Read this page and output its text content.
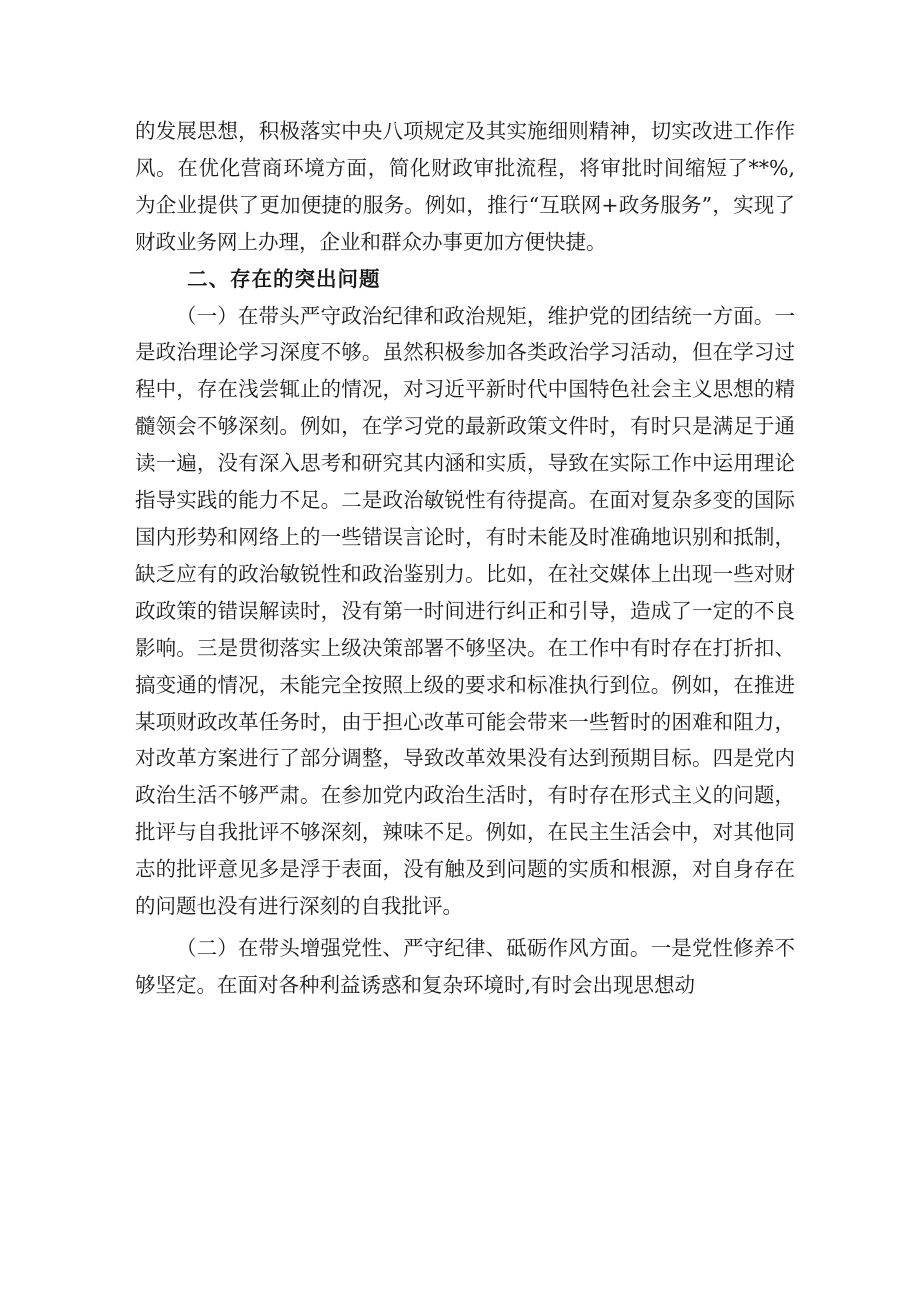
的发展思想，积极落实中央八项规定及其实施细则精神，切实改进工作作风。在优化营商环境方面，简化财政审批流程，将审批时间缩短了**%,为企业提供了更加便捷的服务。例如，推行“互联网+政务服务”，实现了财政业务网上办理，企业和群众办事更加方便快捷。

二、存在的突出问题

（一）在带头严守政治纪律和政治规矩，维护党的团结统一方面。一是政治理论学习深度不够。虽然积极参加各类政治学习活动，但在学习过程中，存在浅尝辄止的情况，对习近平新时代中国特色社会主义思想的精髓领会不够深刻。例如，在学习党的最新政策文件时，有时只是满足于通读一遍，没有深入思考和研究其内涵和实质，导致在实际工作中运用理论指导实践的能力不足。二是政治敏锐性有待提高。在面对复杂多变的国际国内形势和网络上的一些错误言论时，有时未能及时准确地识别和抵制，缺乏应有的政治敏锐性和政治鉴别力。比如，在社交媒体上出现一些对财政政策的错误解读时，没有第一时间进行纠正和引导，造成了一定的不良影响。三是贯彻落实上级决策部署不够坚决。在工作中有时存在打折扣、搞变通的情况，未能完全按照上级的要求和标准执行到位。例如，在推进某项财政改革任务时，由于担心改革可能会带来一些暂时的困难和阻力，对改革方案进行了部分调整，导致改革效果没有达到预期目标。四是党内政治生活不够严肃。在参加党内政治生活时，有时存在形式主义的问题，批评与自我批评不够深刻，辣味不足。例如，在民主生活会中，对其他同志的批评意见多是浮于表面，没有触及到问题的实质和根源，对自身存在的问题也没有进行深刻的自我批评。

（二）在带头增强党性、严守纪律、砥砺作风方面。一是党性修养不够坚定。在面对各种利益诱惑和复杂环境时,有时会出现思想动
